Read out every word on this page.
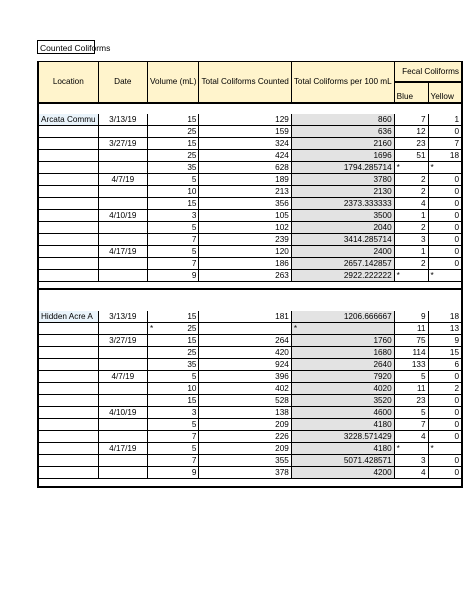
Counted Coliforms
Location	Date	Volume (mL)	Total Coliforms Counted	Total Coliforms per 100 mL	Fecal Coliforms	
					Blue	Yellow

Arcata Commu	3/13/19	15	129	860	7	1
		25	159	636	12	0
	3/27/19	15	324	2160	23	7
		25	424	1696	51	18
		35	628	1794.285714	*	*

	4/7/19	5	189	3780	2	0
		10	213	2130	2	0
		15	356	2373.333333	4	0
	4/10/19	3	105	3500	1	0
		5	102	2040	2	0
		7	239	3414.285714	3	0
	4/17/19	5	120	2400	1	0
		7	186	2657.142857	2	0
		9	263	2922.222222	*	*

Hidden Acre A	3/13/19	15	181	1206.666667	9	18

		* 25		*	11	13
	3/27/19	15	264	1760	75	9
		25	420	1680	114	15
		35	924	2640	133	6
	4/7/19	5	396	7920	5	0
		10	402	4020	11	2
		15	528	3520	23	0
	4/10/19	3	138	4600	5	0
		5	209	4180	7	0
		7	226	3228.571429	4	0
	4/17/19	5	209	4180	*	*

		7	355	5071.428571	3	0
		9	378	4200	4	0
